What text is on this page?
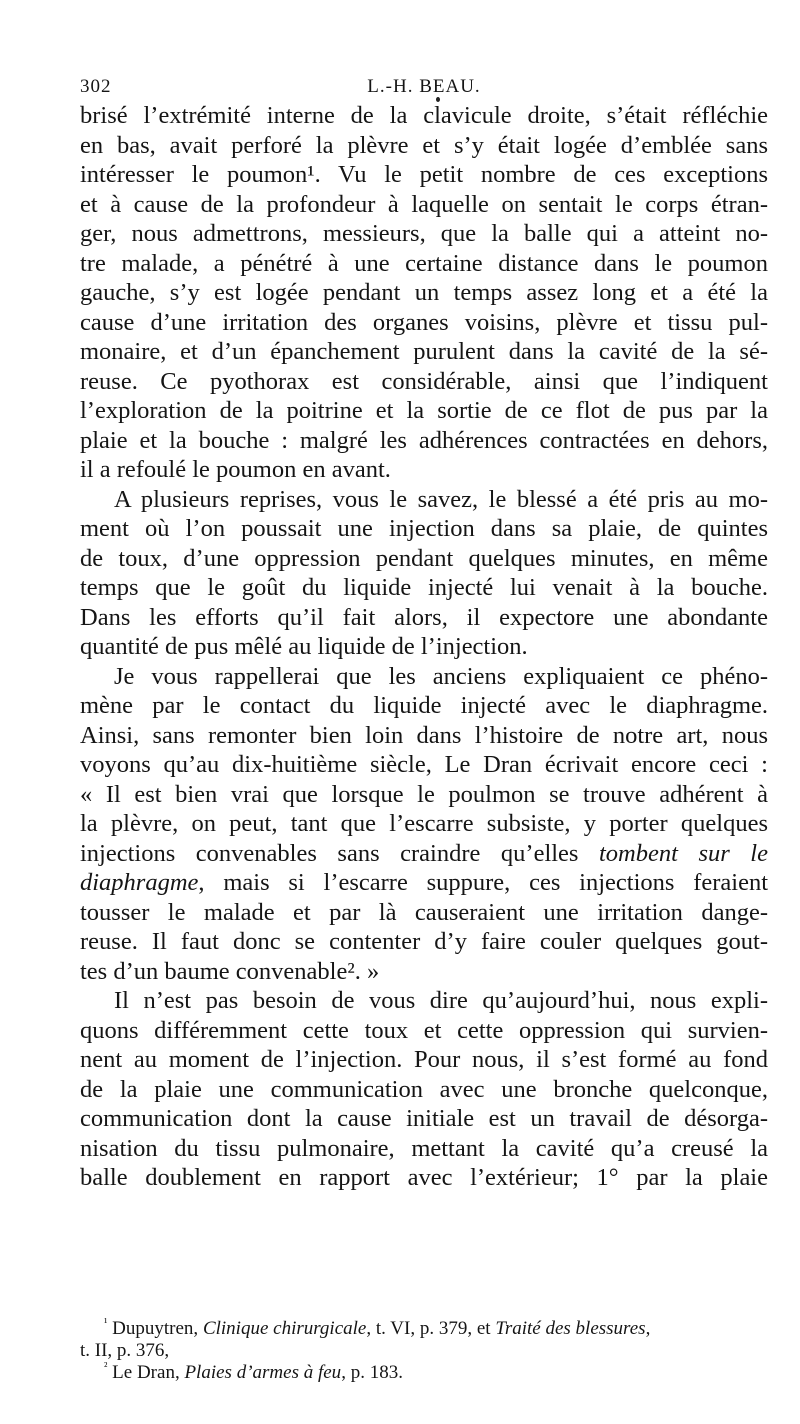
302	L.-H. BEAU.
brisé l’extrémité interne de la clavicule droite, s’était réfléchie
en bas, avait perforé la plèvre et s’y était logée d’emblée sans
intéresser le poumon¹. Vu le petit nombre de ces exceptions
et à cause de la profondeur à laquelle on sentait le corps étran-
ger, nous admettrons, messieurs, que la balle qui a atteint no-
tre malade, a pénétré à une certaine distance dans le poumon
gauche, s’y est logée pendant un temps assez long et a été la
cause d’une irritation des organes voisins, plèvre et tissu pul-
monaire, et d’un épanchement purulent dans la cavité de la sé-
reuse. Ce pyothorax est considérable, ainsi que l’indiquent
l’exploration de la poitrine et la sortie de ce flot de pus par la
plaie et la bouche : malgré les adhérences contractées en dehors,
il a refoulé le poumon en avant.
A plusieurs reprises, vous le savez, le blessé a été pris au mo-
ment où l’on poussait une injection dans sa plaie, de quintes
de toux, d’une oppression pendant quelques minutes, en même
temps que le goût du liquide injecté lui venait à la bouche.
Dans les efforts qu’il fait alors, il expectore une abondante
quantité de pus mêlé au liquide de l’injection.
Je vous rappellerai que les anciens expliquaient ce phéno-
mène par le contact du liquide injecté avec le diaphragme.
Ainsi, sans remonter bien loin dans l’histoire de notre art, nous
voyons qu’au dix-huitième siècle, Le Dran écrivait encore ceci :
« Il est bien vrai que lorsque le poulmon se trouve adhérent à
la plèvre, on peut, tant que l’escarre subsiste, y porter quelques
injections convenables sans craindre qu’elles tombent sur le
diaphragme, mais si l’escarre suppure, ces injections feraient
tousser le malade et par là causeraient une irritation dange-
reuse. Il faut donc se contenter d’y faire couler quelques gout-
tes d’un baume convenable². »
Il n’est pas besoin de vous dire qu’aujourd’hui, nous expli-
quons différemment cette toux et cette oppression qui survien-
nent au moment de l’injection. Pour nous, il s’est formé au fond
de la plaie une communication avec une bronche quelconque,
communication dont la cause initiale est un travail de désorga-
nisation du tissu pulmonaire, mettant la cavité qu’a creusé la
balle doublement en rapport avec l’extérieur; 1° par la plaie
$^{^1}$ Dupuytren, Clinique chirurgicale, t. VI, p. 379, et Traité des blessures,
t. II, p. 376,
$^{^2}$ Le Dran, Plaies d’armes à feu, p. 183.
